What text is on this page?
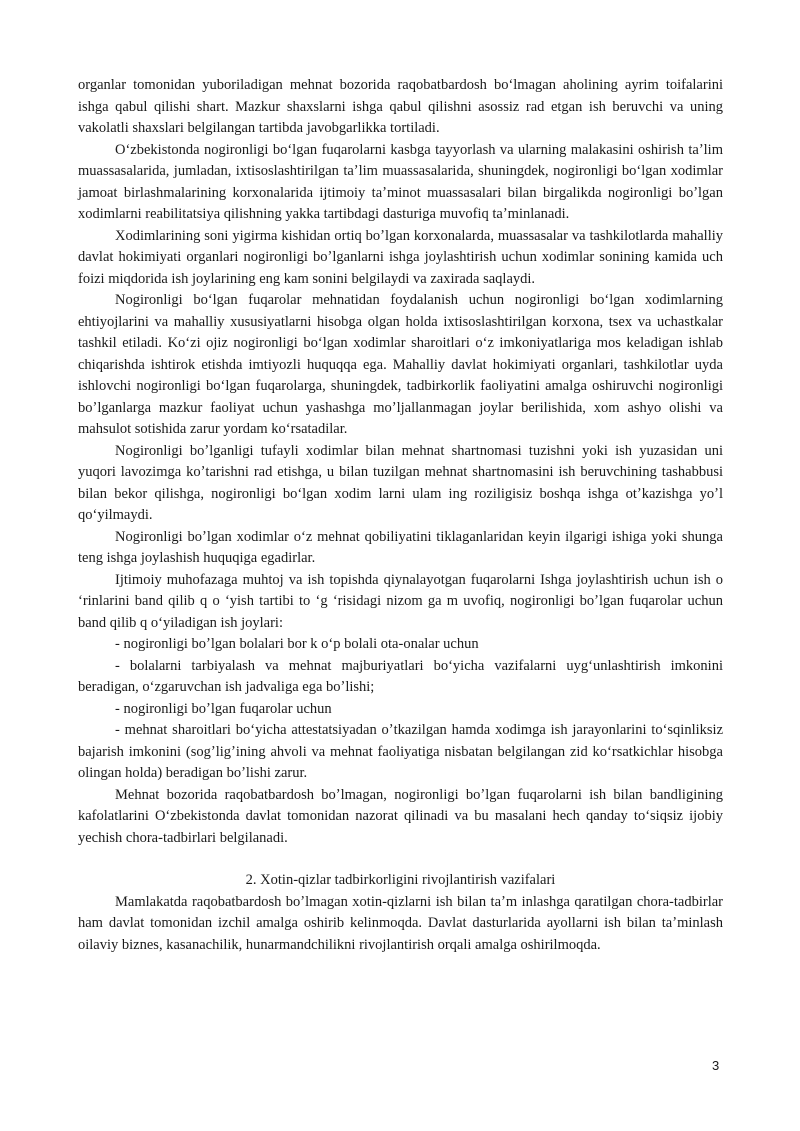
organlar tomonidan yuboriladigan mehnat bozorida raqobatbardosh boʻlmagan aholining ayrim toifalarini ishga qabul qilishi shart. Mazkur shaxslarni ishga qabul qilishni asossiz rad etgan ish beruvchi va uning vakolatli shaxslari belgilangan tartibda javobgarlikka tortiladi.

Oʻzbekistonda nogironligi boʻlgan fuqarolarni kasbga tayyorlash va ularning malakasini oshirish taʼlim muassasalarida, jumladan, ixtisoslashtirilgan taʼlim muassasalarida, shuningdek, nogironligi boʻlgan xodimlar jamoat birlashmalarining korxonalarida ijtimoiy taʼminot muassasalari bilan birgalikda nogironligi boʼlgan xodimlarni reabilitatsiya qilishning yakka tartibdagi dasturiga muvofiq taʼminlanadi.

Xodimlarining soni yigirma kishidan ortiq boʼlgan korxonalarda, muassasalar va tashkilotlarda mahalliy davlat hokimiyati organlari nogironligi boʼlganlarni ishga joylashtirish uchun xodimlar sonining kamida uch foizi miqdorida ish joylarining eng kam sonini belgilaydi va zaxirada saqlaydi.

Nogironligi boʻlgan fuqarolar mehnatidan foydalanish uchun nogironligi boʻlgan xodimlarning ehtiyojlarini va mahalliy xususiyatlarni hisobga olgan holda ixtisoslashtirilgan korxona, tsex va uchastkalar tashkil etiladi. Koʻzi ojiz nogironligi boʻlgan xodimlar sharoitlari oʻz imkoniyatlariga mos keladigan ishlab chiqarishda ishtirok etishda imtiyozli huquqqa ega. Mahalliy davlat hokimiyati organlari, tashkilotlar uyda ishlovchi nogironligi boʻlgan fuqarolarga, shuningdek, tadbirkorlik faoliyatini amalga oshiruvchi nogironligi boʼlganlarga mazkur faoliyat uchun yashashga moʼljallanmagan joylar berilishida, xom ashyo olishi va mahsulot sotishida zarur yordam koʻrsatadilar.

Nogironligi boʼlganligi tufayli xodimlar bilan mehnat shartnomasi tuzishni yoki ish yuzasidan uni yuqori lavozimga koʼtarishni rad etishga, u bilan tuzilgan mehnat shartnomasini ish beruvchining tashabbusi bilan bekor qilishga, nogironligi boʻlgan xodim larni ulam ing roziligisiz boshqa ishga otʼkazishga yoʼl qoʻyilmaydi.

Nogironligi boʼlgan xodimlar oʻz mehnat qobiliyatini tiklaganlaridan keyin ilgarigi ishiga yoki shunga teng ishga joylashish huquqiga egadirlar.

Ijtimoiy muhofazaga muhtoj va ish topishda qiynalayotgan fuqarolarni Ishga joylashtirish uchun ish o ‘rinlarini band qilib q o ‘yish tartibi to ‘g ‘risidagi nizom ga m uvofiq, nogironligi boʼlgan fuqarolar uchun band qilib q oʻyiladigan ish joylari:

- nogironligi boʼlgan bolalari bor k oʻp bolali ota-onalar uchun

- bolalarni tarbiyalash va mehnat majburiyatlari boʻyicha vazifalarni uygʻunlashtirish imkonini beradigan, oʻzgaruvchan ish jadvaliga ega boʼlishi;

- nogironligi boʼlgan fuqarolar uchun

- mehnat sharoitlari boʻyicha attestatsiyadan oʼtkazilgan hamda xodimga ish jarayonlarini toʻsqinliksiz bajarish imkonini (sogʼligʼining ahvoli va mehnat faoliyatiga nisbatan belgilangan zid koʻrsatkichlar hisobga olingan holda) beradigan boʼlishi zarur.

Mehnat bozorida raqobatbardosh boʼlmagan, nogironligi boʼlgan fuqarolarni ish bilan bandligining kafolatlarini Oʻzbekistonda davlat tomonidan nazorat qilinadi va bu masalani hech qanday toʻsiqsiz ijobiy yechish chora-tadbirlari belgilanadi.

2. Xotin-qizlar tadbirkorligini rivojlantirish vazifalari

Mamlakatda raqobatbardosh boʼlmagan xotin-qizlarni ish bilan taʼm inlashga qaratilgan chora-tadbirlar ham davlat tomonidan izchil amalga oshirib kelinmoqda. Davlat dasturlarida ayollarni ish bilan taʼminlash oilaviy biznes, kasanachilik, hunarmandchilikni rivojlantirish orqali amalga oshirilmoqda.

3
